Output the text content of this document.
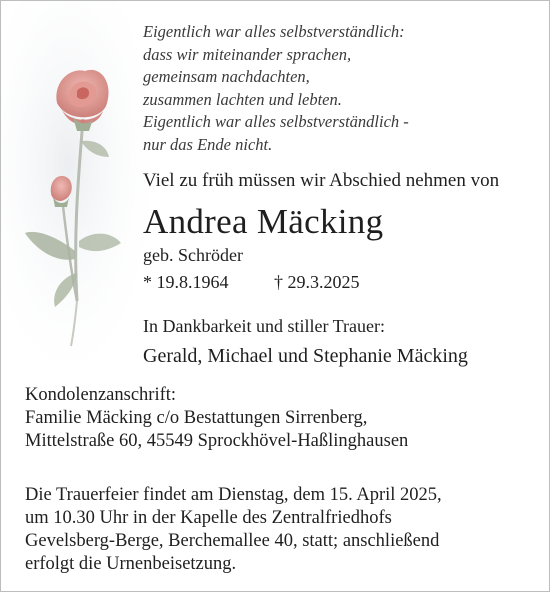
Eigentlich war alles selbstverständlich:
dass wir miteinander sprachen,
gemeinsam nachdachten,
zusammen lachten und lebten.
Eigentlich war alles selbstverständlich -
nur das Ende nicht.
Viel zu früh müssen wir Abschied nehmen von
Andrea Mäcking
geb. Schröder
* 19.8.1964	† 29.3.2025
In Dankbarkeit und stiller Trauer:
Gerald, Michael und Stephanie Mäcking
Kondolenzanschrift:
Familie Mäcking c/o Bestattungen Sirrenberg,
Mittelstraße 60, 45549 Sprockhövel-Haßlinghausen
Die Trauerfeier findet am Dienstag, dem 15. April 2025,
um 10.30 Uhr in der Kapelle des Zentralfriedhofs
Gevelsberg-Berge, Berchemallee 40, statt; anschließend
erfolgt die Urnenbeisetzung.
